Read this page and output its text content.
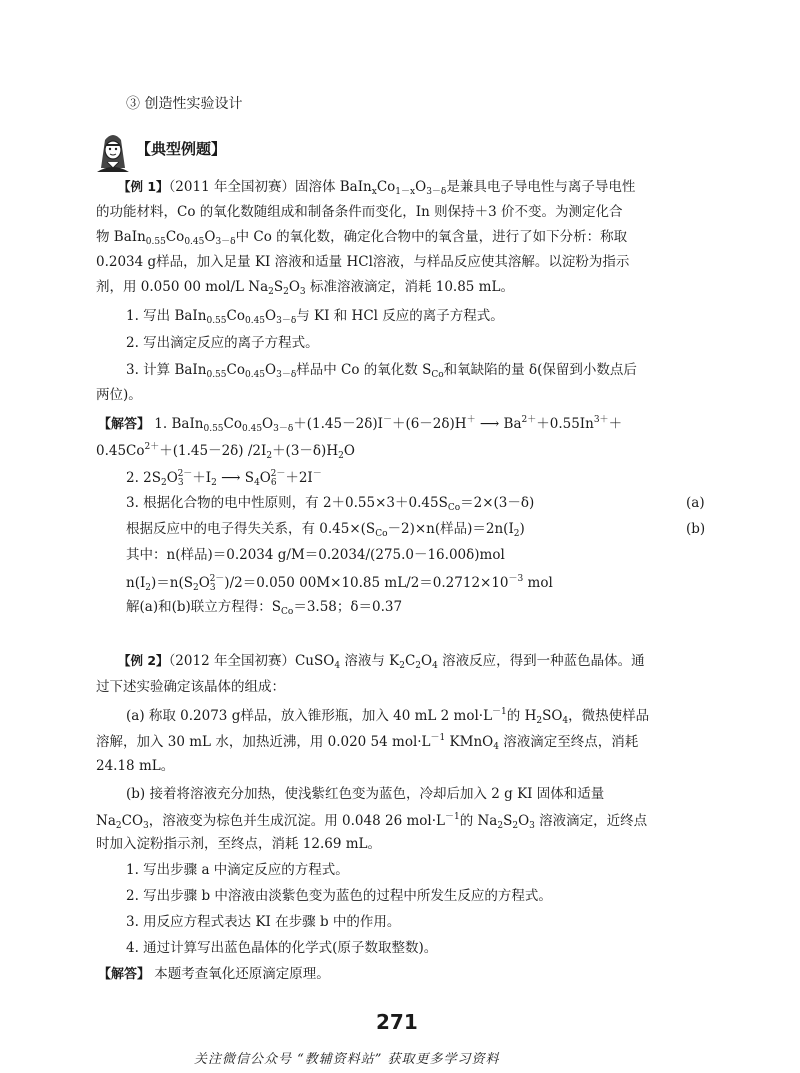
③ 创造性实验设计
【典型例题】
【例 1】（2011 年全国初赛）固溶体 $BaIn_xCo_{1-x}O_{3-\delta}$是兼具电子导电性与离子导电性
的功能材料，Co 的氧化数随组成和制备条件而变化，In 则保持＋3 价不变。为测定化合
物 $BaIn_{0.55}Co_{0.45}O_{3-\delta}$中 Co 的氧化数，确定化合物中的氧含量，进行了如下分析：称取
0.2034 g样品，加入足量 KI 溶液和适量 HCl溶液，与样品反应使其溶解。以淀粉为指示
剂，用 0.050 00 mol/L $Na_2S_2O_3$ 标准溶液滴定，消耗 10.85 mL。
1. 写出 $BaIn_{0.55}Co_{0.45}O_{3-\delta}$与 KI 和 HCl 反应的离子方程式。
2. 写出滴定反应的离子方程式。
3. 计算 $BaIn_{0.55}Co_{0.45}O_{3-\delta}$样品中 Co 的氧化数 $S_{Co}$和氧缺陷的量 δ(保留到小数点后
两位)。
【解答】 1. $BaIn_{0.55}Co_{0.45}O_{3-\delta}+(1.45-2\delta)I^-+(6-2\delta)H^+$ ⟶ $Ba^{2+}+0.55In^{3+}+$
$0.45Co^{2+}+(1.45-2\delta)$ $/2I_2+(3-\delta)H_2O$
2. $2S_2O_3^{2-}+I_2$ ⟶ $S_4O_6^{2-}+2I^-$
3. 根据化合物的电中性原则，有 $2+0.55\times 3+0.45S_{Co}=2\times(3-\delta)$	(a)
根据反应中的电子得失关系，有 $0.45\times(S_{Co}-2)\times n$(样品)$=2n(I_2)$	(b)
其中：n(样品)＝0.2034 g/M＝0.2034/(275.0－16.00δ)mol
$n(I_2)=n(S_2O_3^{2-})/2=0.050$ 00M×10.85 $mL/2=0.2712\times 10^{-3}$ mol
解(a)和(b)联立方程得：$S_{Co}=3.58$；δ＝0.37
【例 2】（2012 年全国初赛）CuSO$_4$ 溶液与 $K_2C_2O_4$ 溶液反应，得到一种蓝色晶体。通
过下述实验确定该晶体的组成：
(a) 称取 0.2073 g样品，放入锥形瓶，加入 40 mL 2 $mol\cdot L^{-1}$的 $H_2SO_4$，微热使样品
溶解，加入 30 mL 水，加热近沸，用 0.020 54 $mol\cdot L^{-1}$ KMnO$_4$ 溶液滴定至终点，消耗
24.18 mL。
(b) 接着将溶液充分加热，使浅紫红色变为蓝色，冷却后加入 2 g KI 固体和适量
$Na_2CO_3$，溶液变为棕色并生成沉淀。用 0.048 26 $mol\cdot L^{-1}$的 $Na_2S_2O_3$ 溶液滴定，近终点
时加入淀粉指示剂，至终点，消耗 12.69 mL。
1. 写出步骤 a 中滴定反应的方程式。
2. 写出步骤 b 中溶液由淡紫色变为蓝色的过程中所发生反应的方程式。
3. 用反应方程式表达 KI 在步骤 b 中的作用。
4. 通过计算写出蓝色晶体的化学式(原子数取整数)。
【解答】 本题考查氧化还原滴定原理。
271
关注微信公众号 “教辅资料站” 获取更多学习资料
